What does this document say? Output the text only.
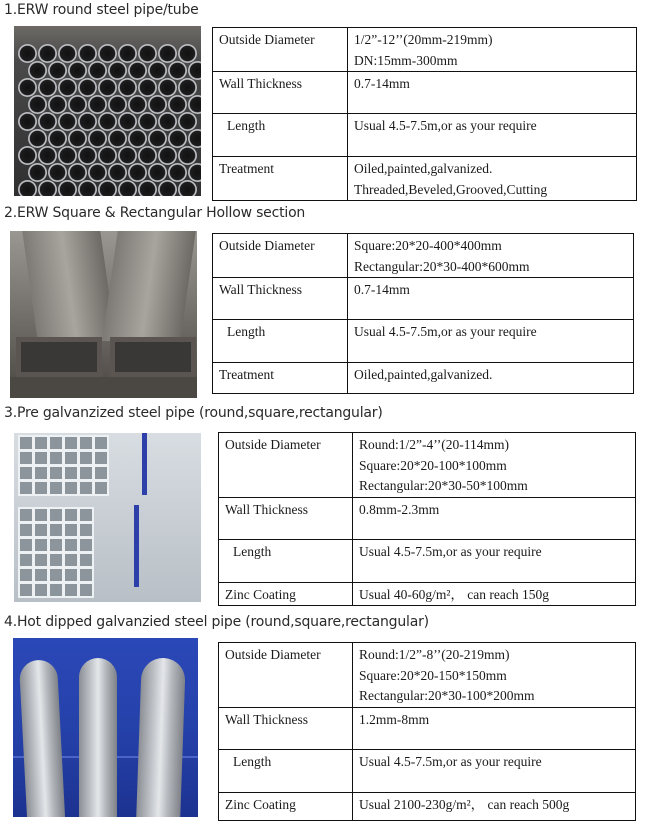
1.ERW round steel pipe/tube
Outside Diameter	1/2”-12’’(20mm-219mm)
DN:15mm-300mm

Wall Thickness	0.7-14mm
Length	Usual 4.5-7.5m,or as your require
Treatment	Oiled,painted,galvanized.
Threaded,Beveled,Grooved,Cutting
2.ERW Square & Rectangular Hollow section
Outside Diameter	Square:20*20-400*400mm
Rectangular:20*30-400*600mm

Wall Thickness	0.7-14mm
Length	Usual 4.5-7.5m,or as your require
Treatment	Oiled,painted,galvanized.
3.Pre galvanzized steel pipe (round,square,rectangular)
Outside Diameter	Round:1/2”-4’’(20-114mm)
Square:20*20-100*100mm
Rectangular:20*30-50*100mm

Wall Thickness	0.8mm-2.3mm
Length	Usual 4.5-7.5m,or as your require
Zinc Coating	Usual 40-60g/m²， can reach 150g
4.Hot dipped galvanzied steel pipe (round,square,rectangular)
Outside Diameter	Round:1/2”-8’’(20-219mm)
Square:20*20-150*150mm
Rectangular:20*30-100*200mm

Wall Thickness	1.2mm-8mm
Length	Usual 4.5-7.5m,or as your require
Zinc Coating	Usual 2100-230g/m²， can reach 500g
